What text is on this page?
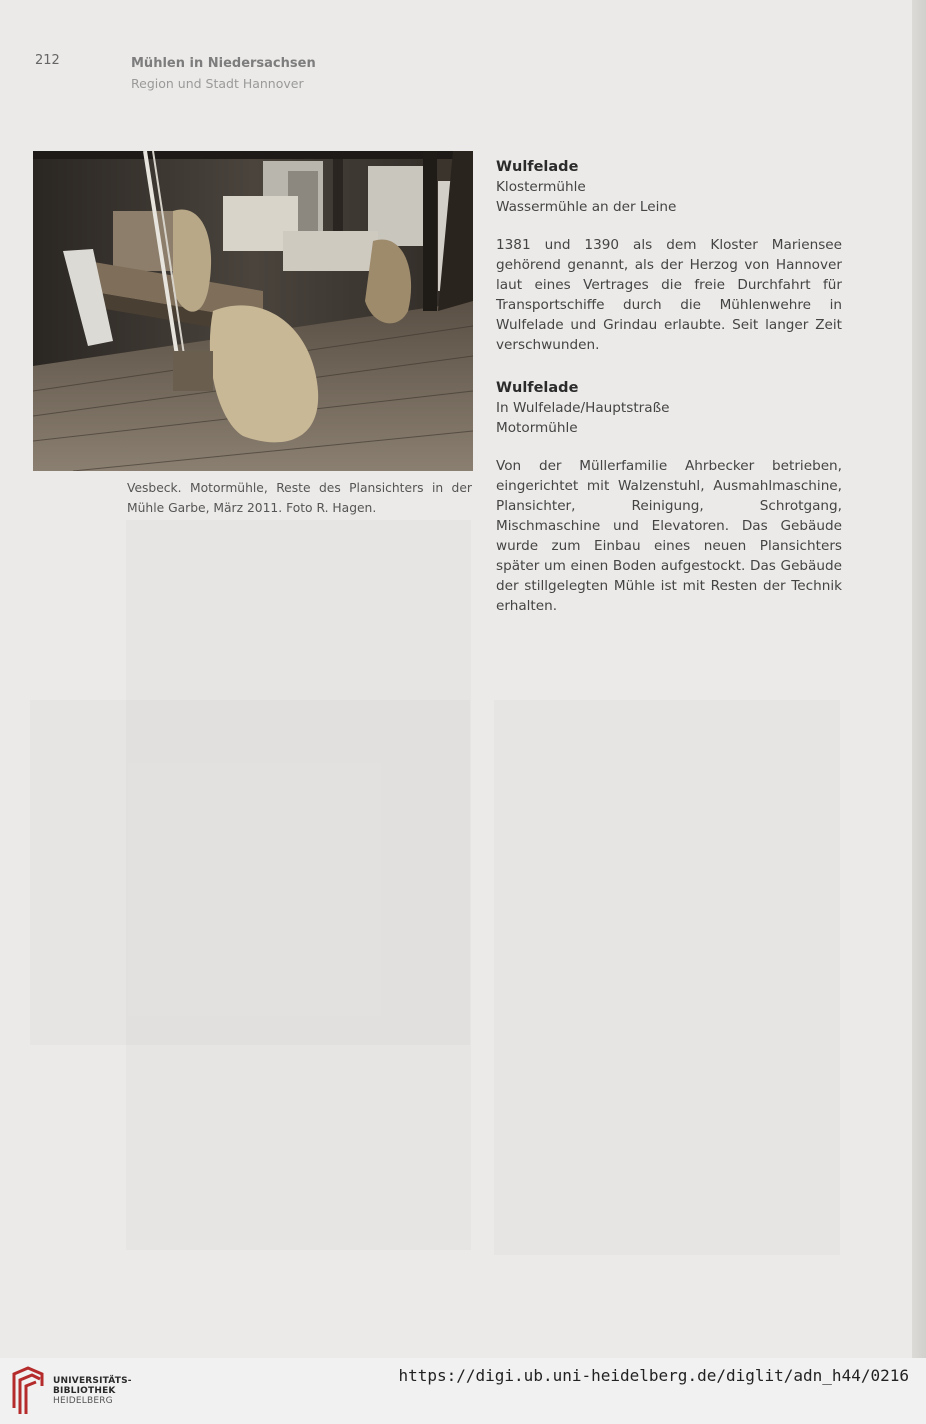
212	Mühlen in Niedersachsen
Region und Stadt Hannover
Vesbeck. Motormühle, Reste des Plansichters in der Mühle Garbe, März 2011. Foto R. Hagen.
Wulfelade
Klostermühle
Wassermühle an der Leine
1381 und 1390 als dem Kloster Mariensee gehörend genannt, als der Herzog von Hannover laut eines Vertrages die freie Durchfahrt für Transportschiffe durch die Mühlenwehre in Wulfelade und Grindau erlaubte. Seit langer Zeit verschwunden.
Wulfelade
In Wulfelade/Hauptstraße
Motormühle
Von der Müllerfamilie Ahrbecker betrieben, eingerichtet mit Walzenstuhl, Ausmahlmaschine, Plansichter, Reinigung, Schrotgang, Mischmaschine und Elevatoren. Das Gebäude wurde zum Einbau eines neuen Plansichters später um einen Boden aufgestockt. Das Gebäude der stillgelegten Mühle ist mit Resten der Technik erhalten.
UNIVERSITÄTS-
BIBLIOTHEK
HEIDELBERG
https://digi.ub.uni-heidelberg.de/diglit/adn_h44/0216
